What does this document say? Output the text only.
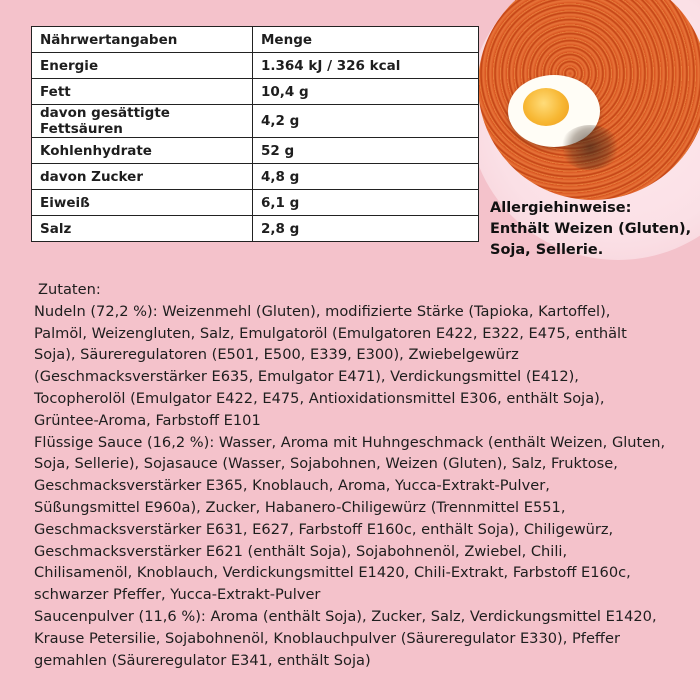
Nährwertangaben	Menge
Energie	1.364 kJ / 326 kcal
Fett	10,4 g
davon gesättigte Fettsäuren	4,2 g
Kohlenhydrate	52 g
davon Zucker	4,8 g
Eiweiß	6,1 g
Salz	2,8 g
Allergiehinweise:
Enthält Weizen (Gluten),
Soja, Sellerie.
Zutaten:
Nudeln (72,2 %): Weizenmehl (Gluten), modifizierte Stärke (Tapioka, Kartoffel),
Palmöl, Weizengluten, Salz, Emulgatoröl (Emulgatoren E422, E322, E475, enthält
Soja), Säureregulatoren (E501, E500, E339, E300), Zwiebelgewürz
(Geschmacksverstärker E635, Emulgator E471), Verdickungsmittel (E412),
Tocopherolöl (Emulgator E422, E475, Antioxidationsmittel E306, enthält Soja),
Grüntee-Aroma, Farbstoff E101
Flüssige Sauce (16,2 %): Wasser, Aroma mit Huhngeschmack (enthält Weizen, Gluten,
Soja, Sellerie), Sojasauce (Wasser, Sojabohnen, Weizen (Gluten), Salz, Fruktose,
Geschmacksverstärker E365, Knoblauch, Aroma, Yucca-Extrakt-Pulver,
Süßungsmittel E960a), Zucker, Habanero-Chiligewürz (Trennmittel E551,
Geschmacksverstärker E631, E627, Farbstoff E160c, enthält Soja), Chiligewürz,
Geschmacksverstärker E621 (enthält Soja), Sojabohnenöl, Zwiebel, Chili,
Chilisamenöl, Knoblauch, Verdickungsmittel E1420, Chili-Extrakt, Farbstoff E160c,
schwarzer Pfeffer, Yucca-Extrakt-Pulver
Saucenpulver (11,6 %): Aroma (enthält Soja), Zucker, Salz, Verdickungsmittel E1420,
Krause Petersilie, Sojabohnenöl, Knoblauchpulver (Säureregulator E330), Pfeffer
gemahlen (Säureregulator E341, enthält Soja)
